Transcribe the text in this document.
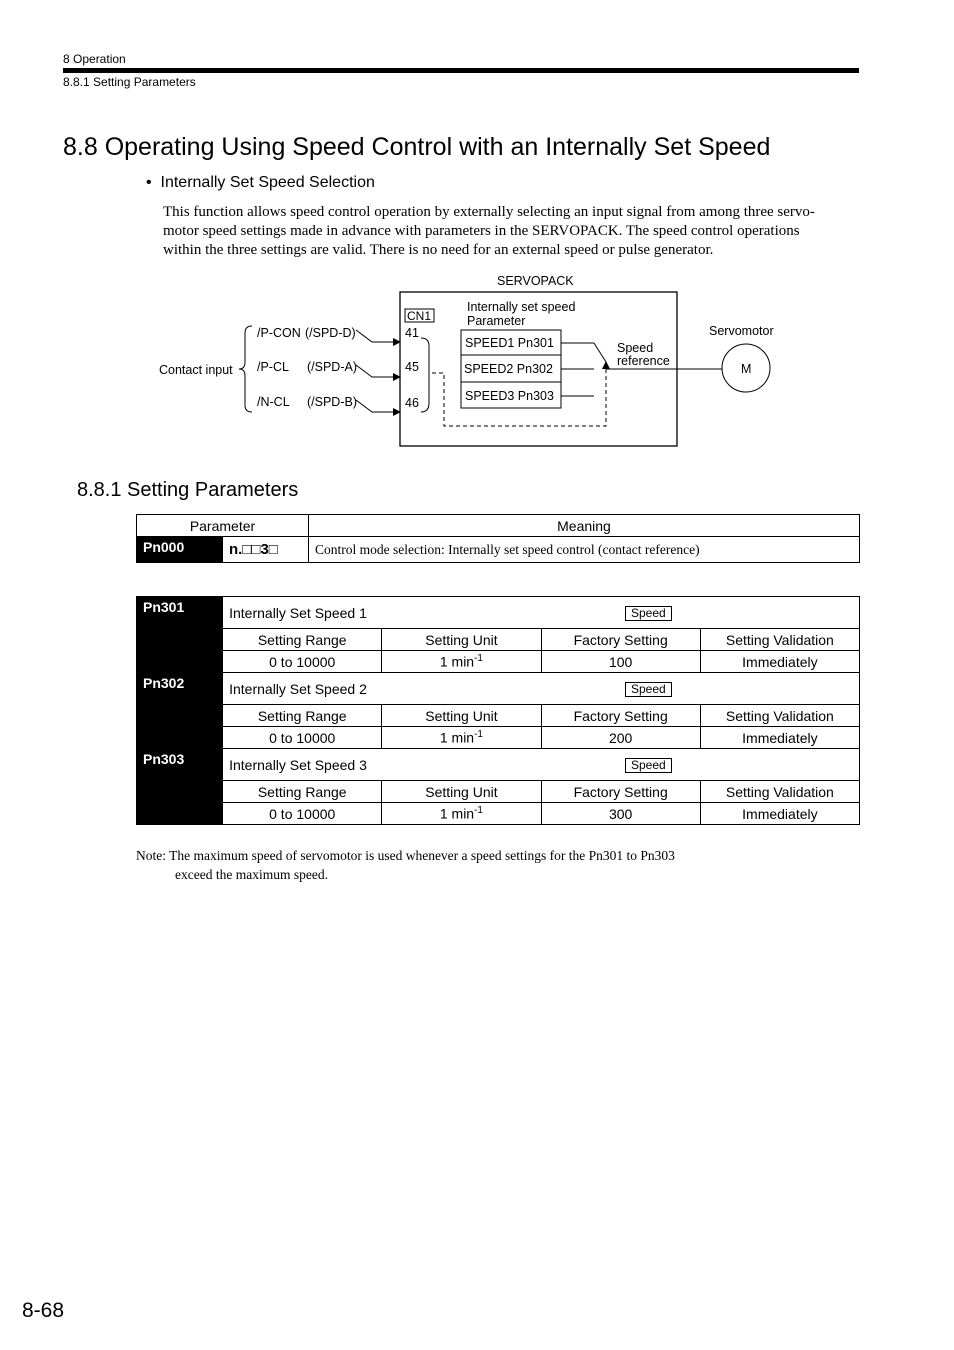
8 Operation
8.8.1 Setting Parameters
8.8 Operating Using Speed Control with an Internally Set Speed
•  Internally Set Speed Selection

This function allows speed control operation by externally selecting an input signal from among three servo-

motor speed settings made in advance with parameters in the SERVOPACK. The speed control operations

within the three settings are valid. There is no need for an external speed or pulse generator.

SERVOPACK
CN1
Internally set speed
Parameter
Contact input
/P-CON (/SPD-D)
/P-CL (/SPD-A)
/N-CL (/SPD-B)
41
45
46
SPEED1 Pn301
SPEED2 Pn302
SPEED3 Pn303
Speed
reference
Servomotor
M
8.8.1 Setting Parameters
Parameter		Meaning
Pn000	n.□□3□	Control mode selection: Internally set speed control (contact reference)
Pn301	Internally Set Speed 1 Speed			

	Setting Range	Setting Unit	Factory Setting	Setting Validation
	0 to 10000	1 $\min^{-1}$	100	Immediately
Pn302	Internally Set Speed 2 Speed			

	Setting Range	Setting Unit	Factory Setting	Setting Validation
	0 to 10000	1 $\min^{-1}$	200	Immediately
Pn303	Internally Set Speed 3 Speed			

	Setting Range	Setting Unit	Factory Setting	Setting Validation
	0 to 10000	1 $\min^{-1}$	300	Immediately
Note: The maximum speed of servomotor is used whenever a speed settings for the Pn301 to Pn303
exceed the maximum speed.
8-68
